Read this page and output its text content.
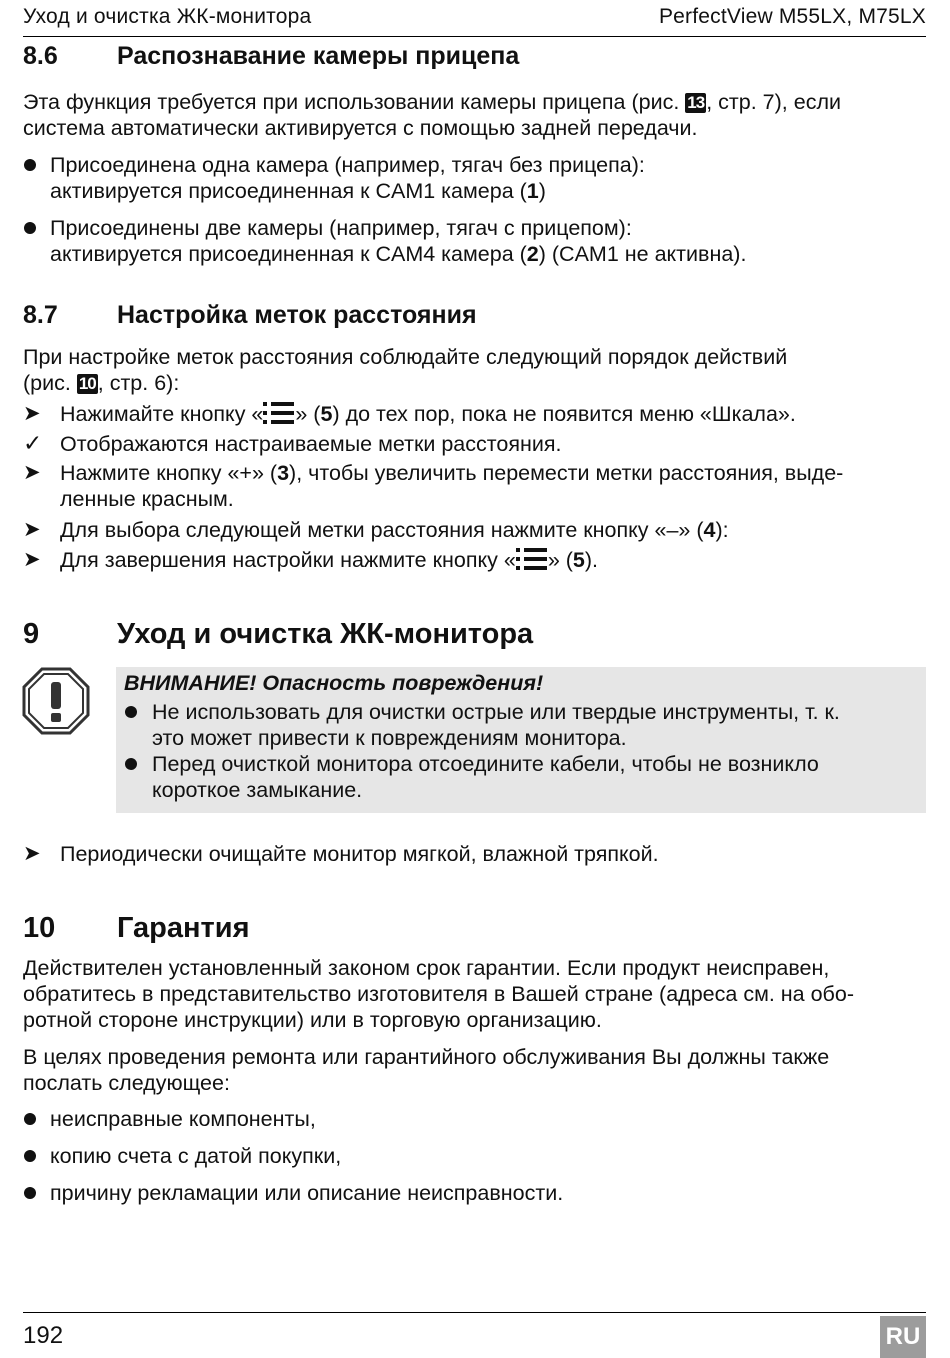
Уход и очистка ЖК-монитора	PerfectView M55LX, M75LX
8.6 Распознавание камеры прицепа
Эта функция требуется при использовании камеры прицепа (рис. 13, стр. 7), если
система автоматически активируется с помощью задней передачи.
Присоединена одна камера (например, тягач без прицепа):
активируется присоединенная к CAM1 камера (1)
Присоединены две камеры (например, тягач с прицепом):
активируется присоединенная к CAM4 камера (2) (CAM1 не активна).
8.7 Настройка меток расстояния
При настройке меток расстояния соблюдайте следующий порядок действий
(рис. 10, стр. 6):
➤ Нажимайте кнопку « » (5) до тех пор, пока не появится меню «Шкала».
✓ Отображаются настраиваемые метки расстояния.
➤ Нажмите кнопку «+» (3), чтобы увеличить перемести метки расстояния, выде-
ленные красным.
➤ Для выбора следующей метки расстояния нажмите кнопку «–» (4):
➤ Для завершения настройки нажмите кнопку « » (5).
9	Уход и очистка ЖК-монитора
ВНИМАНИЕ! Опасность повреждения!
Не использовать для очистки острые или твердые инструменты, т. к.
это может привести к повреждениям монитора.
Перед очисткой монитора отсоедините кабели, чтобы не возникло
короткое замыкание.
➤ Периодически очищайте монитор мягкой, влажной тряпкой.
10 Гарантия
Действителен установленный законом срок гарантии. Если продукт неисправен,
обратитесь в представительство изготовителя в Вашей стране (адреса см. на обо-
ротной стороне инструкции) или в торговую организацию.
В целях проведения ремонта или гарантийного обслуживания Вы должны также
послать следующее:
неисправные компоненты,
копию счета с датой покупки,
причину рекламации или описание неисправности.
192	RU
